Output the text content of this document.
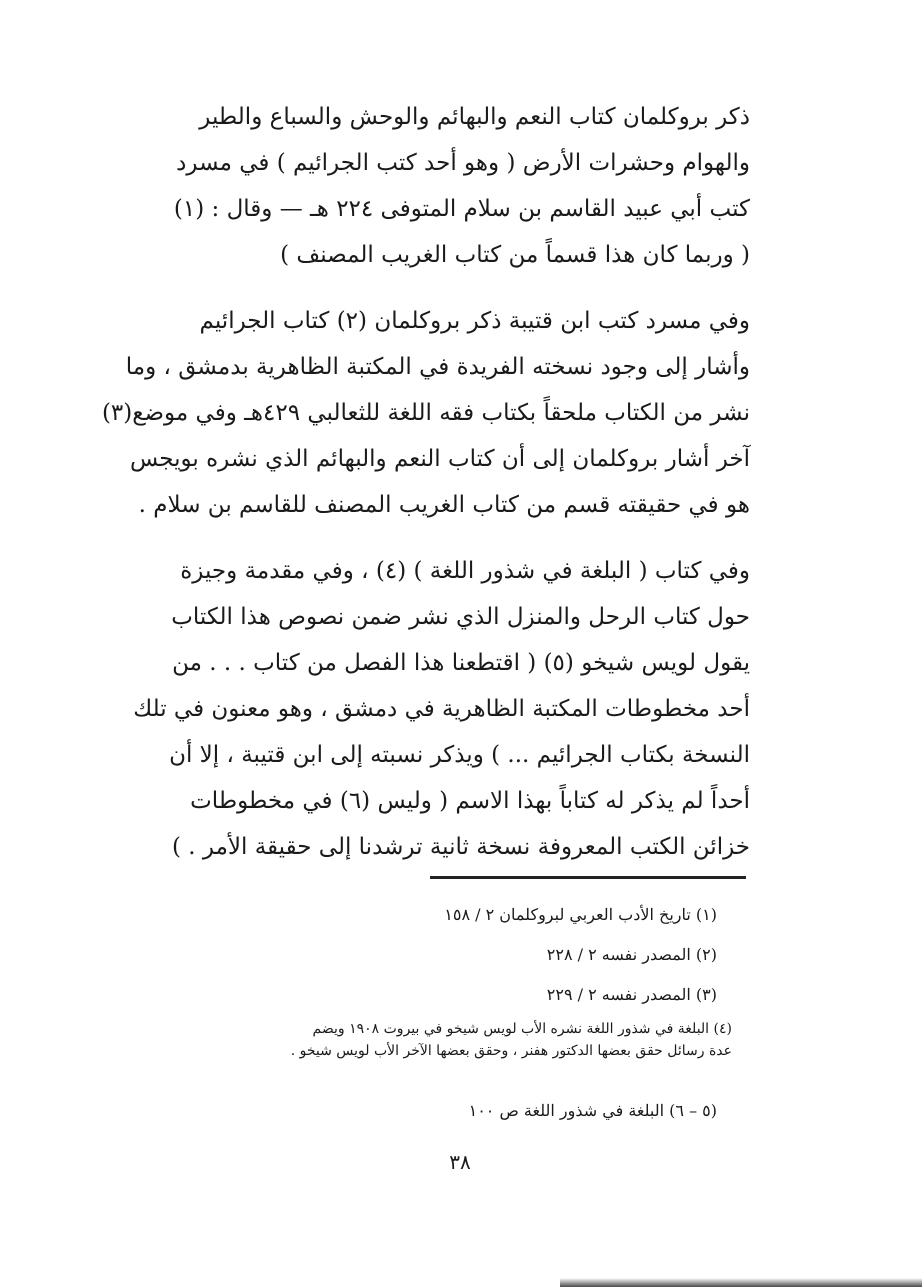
ذكر بروكلمان كتاب النعم والبهائم والوحش والسباع والطير
والهوام وحشرات الأرض ( وهو أحد كتب الجرائيم ) في مسرد
كتب أبي عبيد القاسم بن سلام المتوفى ٢٢٤ هـ — وقال : (١)
( وربما كان هذا قسماً من كتاب الغريب المصنف )
وفي مسرد كتب ابن قتيبة ذكر بروكلمان (٢) كتاب الجرائيم
وأشار إلى وجود نسخته الفريدة في المكتبة الظاهرية بدمشق ، وما
نشر من الكتاب ملحقاً بكتاب فقه اللغة للثعالبي ٤٢٩هـ وفي موضع(٣)
آخر أشار بروكلمان إلى أن كتاب النعم والبهائم الذي نشره بويجس
هو في حقيقته قسم من كتاب الغريب المصنف للقاسم بن سلام .
وفي كتاب ( البلغة في شذور اللغة ) (٤) ، وفي مقدمة وجيزة
حول كتاب الرحل والمنزل الذي نشر ضمن نصوص هذا الكتاب
يقول لويس شيخو (٥) ( اقتطعنا هذا الفصل من كتاب . . . من
أحد مخطوطات المكتبة الظاهرية في دمشق ، وهو معنون في تلك
النسخة بكتاب الجرائيم ... ) ويذكر نسبته إلى ابن قتيبة ، إلا أن
أحداً لم يذكر له كتاباً بهذا الاسم ( وليس (٦) في مخطوطات
خزائن الكتب المعروفة نسخة ثانية ترشدنا إلى حقيقة الأمر . )
(١) تاريخ الأدب العربي لبروكلمان ٢ / ١٥٨
(٢) المصدر نفسه ٢ / ٢٢٨
(٣) المصدر نفسه ٢ / ٢٢٩
(٤) البلغة في شذور اللغة نشره الأب لويس شيخو في بيروت ١٩٠٨ ويضم
عدة رسائل حقق بعضها الدكتور هفنر ، وحقق بعضها الآخر الأب لويس شيخو .
(٥ – ٦) البلغة في شذور اللغة ص ١٠٠
٣٨
